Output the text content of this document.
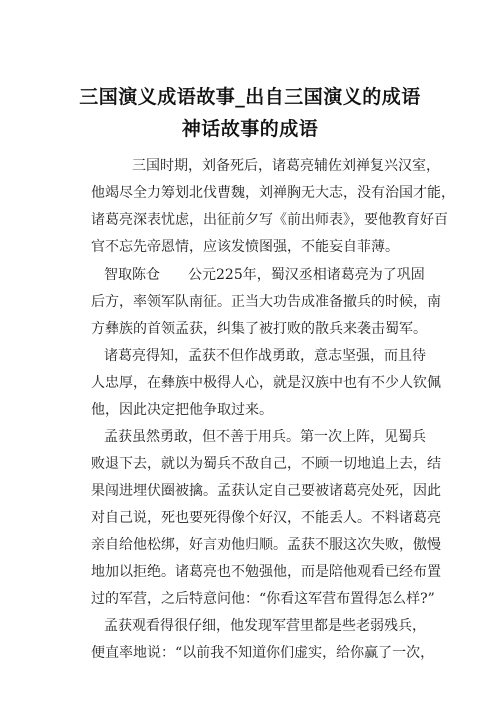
三国演义成语故事_出自三国演义的成语
神话故事的成语
三国时期，刘备死后，诸葛亮辅佐刘禅复兴汉室，
他竭尽全力筹划北伐曹魏，刘禅胸无大志，没有治国才能，
诸葛亮深表忧虑，出征前夕写《前出师表》，要他教育好百
官不忘先帝恩情，应该发愤图强，不能妄自菲薄。
智取陈仓　　公元225年，蜀汉丞相诸葛亮为了巩固
后方，率领军队南征。正当大功告成准备撤兵的时候，南
方彝族的首领孟获，纠集了被打败的散兵来袭击蜀军。
诸葛亮得知，孟获不但作战勇敢，意志坚强，而且待
人忠厚，在彝族中极得人心，就是汉族中也有不少人钦佩
他，因此决定把他争取过来。
孟获虽然勇敢，但不善于用兵。第一次上阵，见蜀兵
败退下去，就以为蜀兵不敌自己，不顾一切地追上去，结
果闯进埋伏圈被擒。孟获认定自己要被诸葛亮处死，因此
对自己说，死也要死得像个好汉，不能丢人。不料诸葛亮
亲自给他松绑，好言劝他归顺。孟获不服这次失败，傲慢
地加以拒绝。诸葛亮也不勉强他，而是陪他观看已经布置
过的军营，之后特意问他：“你看这军营布置得怎么样?”
孟获观看得很仔细，他发现军营里都是些老弱残兵，
便直率地说：“以前我不知道你们虚实，给你赢了一次，
